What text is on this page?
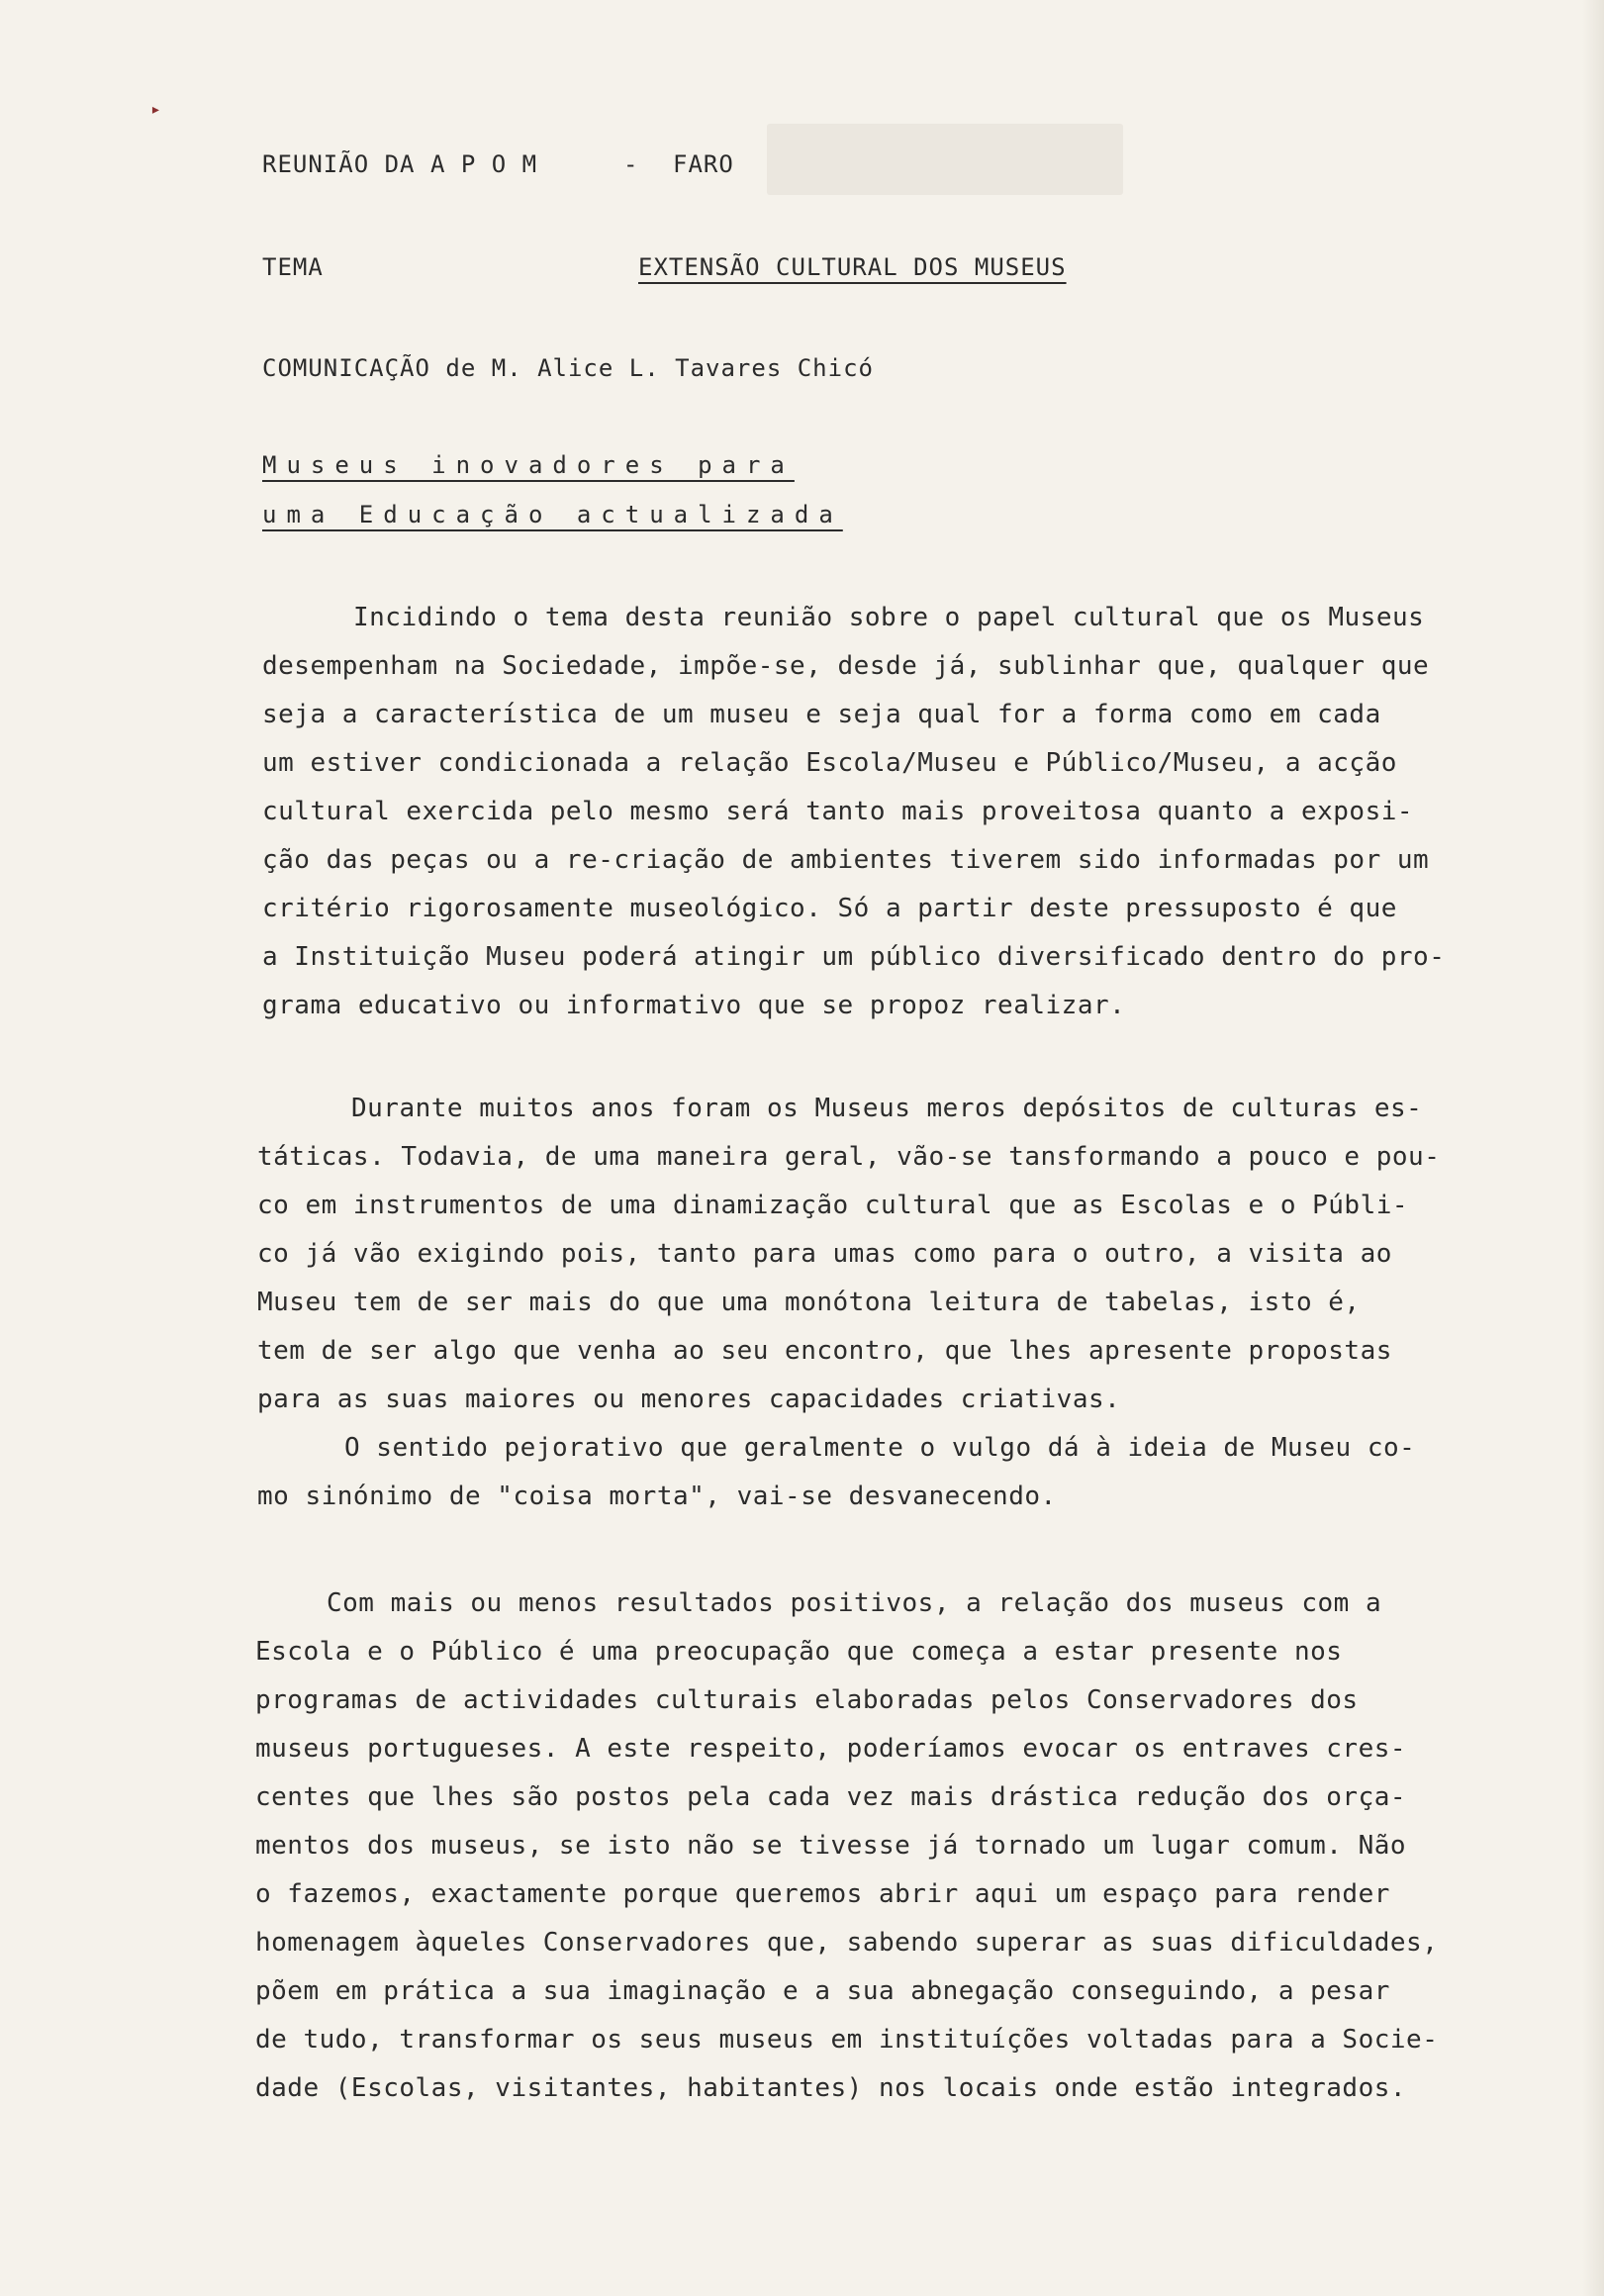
▸
REUNIÃO DA A P O M	- FARO
TEMA	EXTENSÃO CULTURAL DOS MUSEUS
COMUNICAÇÃO de M. Alice L. Tavares Chicó
Museus inovadores para
uma Educação actualizada
Incidindo o tema desta reunião sobre o papel cultural que os Museus
desempenham na Sociedade, impõe-se, desde já, sublinhar que, qualquer que
seja a característica de um museu e seja qual for a forma como em cada
um estiver condicionada a relação Escola/Museu e Público/Museu, a acção
cultural exercida pelo mesmo será tanto mais proveitosa quanto a exposi-
ção das peças ou a re-criação de ambientes tiverem sido informadas por um
critério rigorosamente museológico. Só a partir deste pressuposto é que
a Instituição Museu poderá atingir um público diversificado dentro do pro-
grama educativo ou informativo que se propoz realizar.
Durante muitos anos foram os Museus meros depósitos de culturas es-
táticas. Todavia, de uma maneira geral, vão-se tansformando a pouco e pou-
co em instrumentos de uma dinamização cultural que as Escolas e o Públi-
co já vão exigindo pois, tanto para umas como para o outro, a visita ao
Museu tem de ser mais do que uma monótona leitura de tabelas, isto é,
tem de ser algo que venha ao seu encontro, que lhes apresente propostas
para as suas maiores ou menores capacidades criativas.
O sentido pejorativo que geralmente o vulgo dá à ideia de Museu co-
mo sinónimo de "coisa morta", vai-se desvanecendo.
Com mais ou menos resultados positivos, a relação dos museus com a
Escola e o Público é uma preocupação que começa a estar presente nos
programas de actividades culturais elaboradas pelos Conservadores dos
museus portugueses. A este respeito, poderíamos evocar os entraves cres-
centes que lhes são postos pela cada vez mais drástica redução dos orça-
mentos dos museus, se isto não se tivesse já tornado um lugar comum. Não
o fazemos, exactamente porque queremos abrir aqui um espaço para render
homenagem àqueles Conservadores que, sabendo superar as suas dificuldades,
põem em prática a sua imaginação e a sua abnegação conseguindo, a pesar
de tudo, transformar os seus museus em instituíções voltadas para a Socie-
dade (Escolas, visitantes, habitantes) nos locais onde estão integrados.
